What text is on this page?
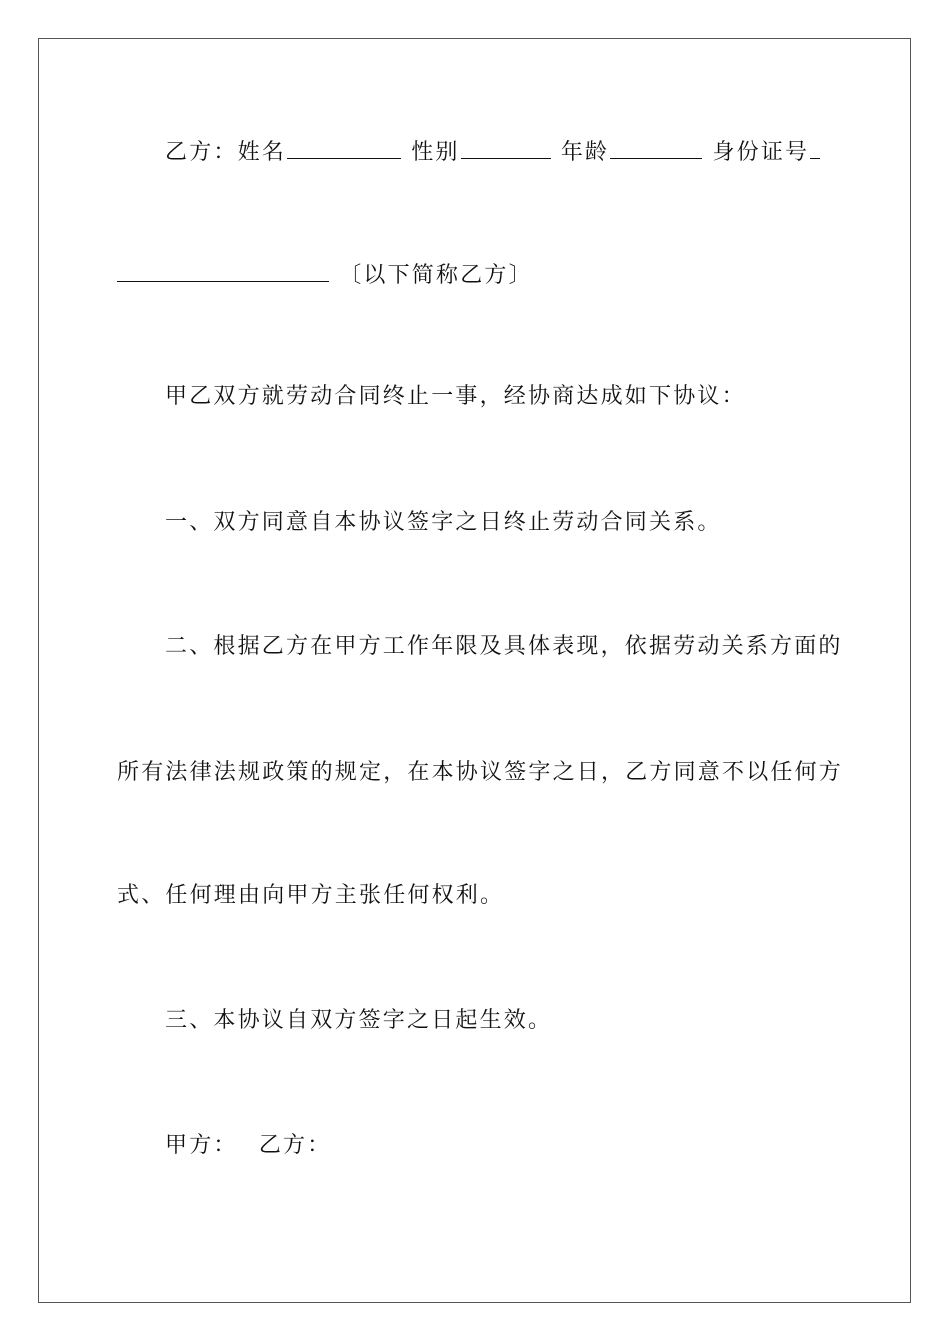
乙方：姓名	性别	年龄	身份证号

〔以下简称乙方〕

甲乙双方就劳动合同终止一事，经协商达成如下协议：

一、双方同意自本协议签字之日终止劳动合同关系。

二、根据乙方在甲方工作年限及具体表现，依据劳动关系方面的

所有法律法规政策的规定，在本协议签字之日，乙方同意不以任何方

式、任何理由向甲方主张任何权利。

三、本协议自双方签字之日起生效。

甲方： 乙方：
